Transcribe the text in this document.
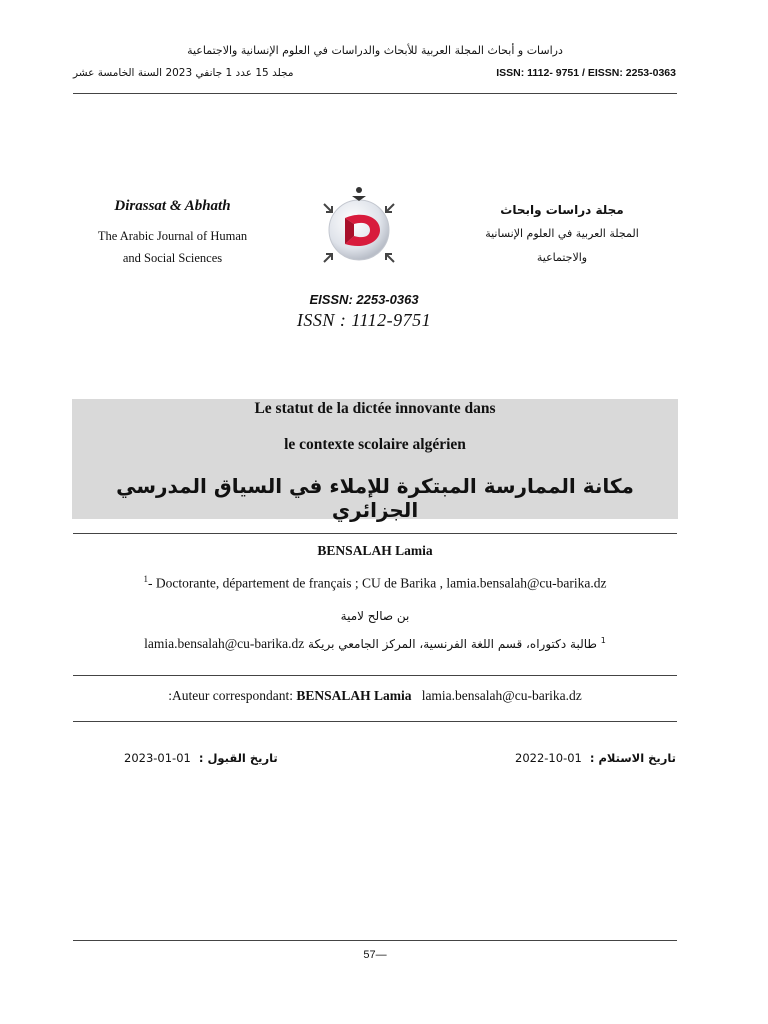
دراسات و أبحاث المجلة العربية للأبحاث والدراسات في العلوم الإنسانية والاجتماعية
مجلد 15 عدد 1 جانفي 2023 السنة الخامسة عشر	ISSN: 1112- 9751 / EISSN: 2253-0363
Dirassat & Abhath
The Arabic Journal of Human
and Social Sciences
مجلة دراسات وابحاث
المجلة العربية في العلوم الإنسانية
والاجتماعية
EISSN: 2253-0363
ISSN : 1112-9751
Le statut de la dictée innovante dans
le contexte scolaire algérien
مكانة الممارسة المبتكرة للإملاء في السياق المدرسي الجزائري
BENSALAH Lamia
$^1$- Doctorante, département de français ; CU de Barika , lamia.bensalah@cu-barika.dz
بن صالح لامية
$^1$ طالبة دكتوراه، قسم اللغة الفرنسية، المركز الجامعي بريكة lamia.bensalah@cu-barika.dz
:Auteur correspondant: BENSALAH Lamia lamia.bensalah@cu-barika.dz
تاريخ الاستلام :2022-10-01
تاريخ القبول :2023-01-01
57—
